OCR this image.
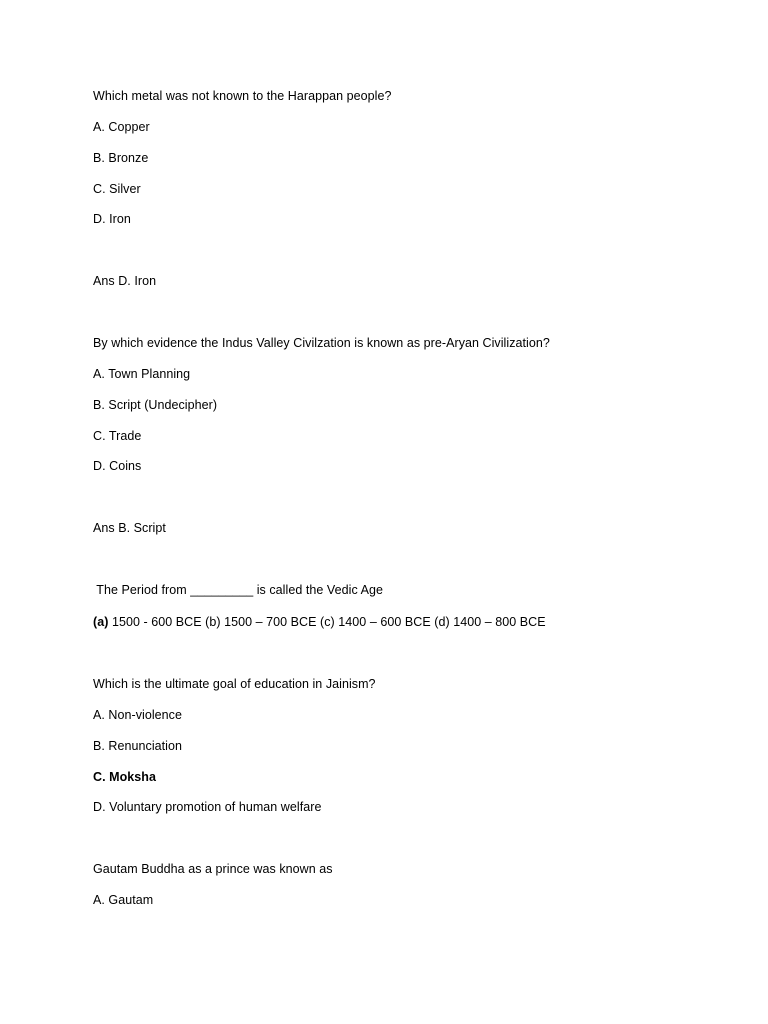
Which metal was not known to the Harappan people?
A. Copper
B. Bronze
C. Silver
D. Iron
Ans D. Iron
By which evidence the Indus Valley Civilzation is known as pre-Aryan Civilization?
A. Town Planning
B. Script (Undecipher)
C. Trade
D. Coins
Ans B. Script
The Period from _________ is called the Vedic Age
(a) 1500 - 600 BCE (b) 1500 – 700 BCE (c) 1400 – 600 BCE (d) 1400 – 800 BCE
Which is the ultimate goal of education in Jainism?
A. Non-violence
B. Renunciation
C. Moksha
D. Voluntary promotion of human welfare
Gautam Buddha as a prince was known as
A. Gautam
